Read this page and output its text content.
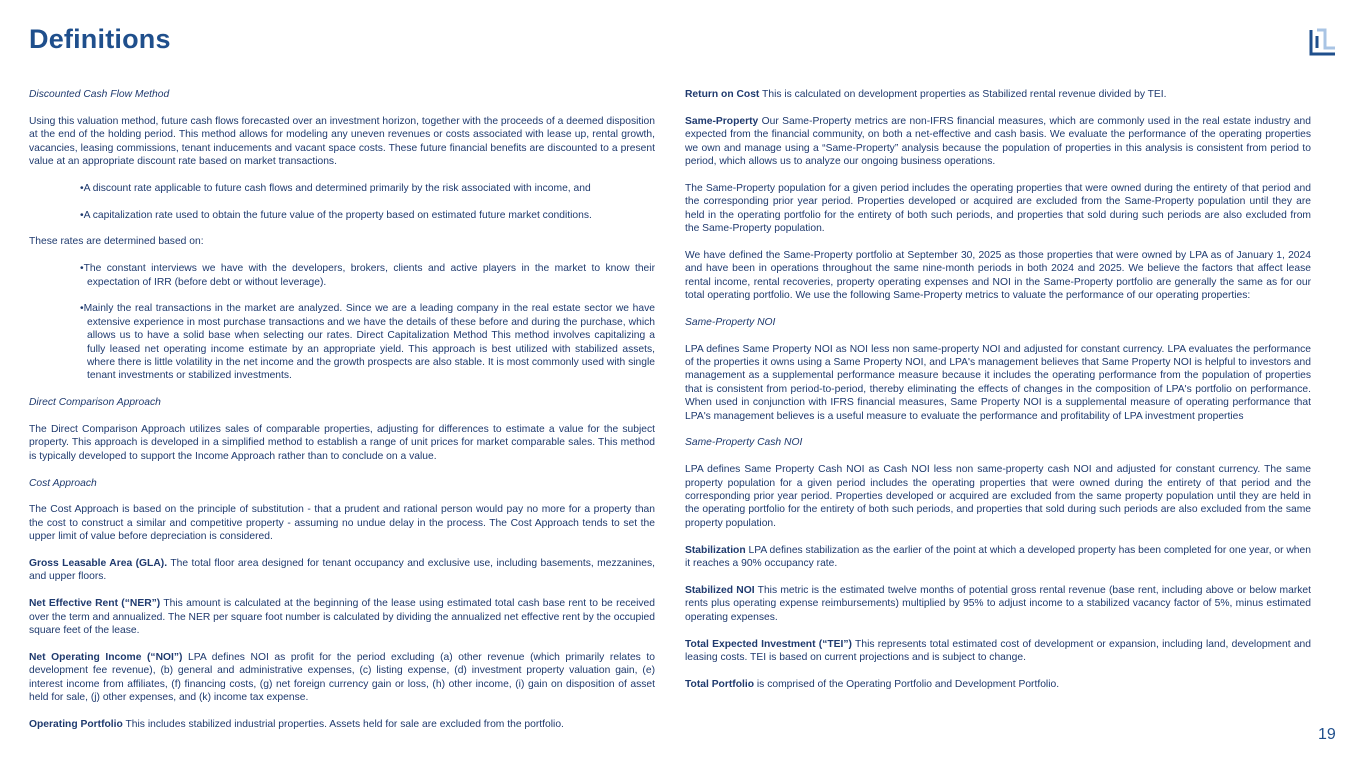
Definitions

Discounted Cash Flow Method

Using this valuation method, future cash flows forecasted over an investment horizon, together with the proceeds of a deemed disposition at the end of the holding period. This method allows for modeling any uneven revenues or costs associated with lease up, rental growth, vacancies, leasing commissions, tenant inducements and vacant space costs. These future financial benefits are discounted to a present value at an appropriate discount rate based on market transactions.

• A discount rate applicable to future cash flows and determined primarily by the risk associated with income, and

• A capitalization rate used to obtain the future value of the property based on estimated future market conditions.

These rates are determined based on:

• The constant interviews we have with the developers, brokers, clients and active players in the market to know their expectation of IRR (before debt or without leverage).

• Mainly the real transactions in the market are analyzed. Since we are a leading company in the real estate sector we have extensive experience in most purchase transactions and we have the details of these before and during the purchase, which allows us to have a solid base when selecting our rates. Direct Capitalization Method This method involves capitalizing a fully leased net operating income estimate by an appropriate yield. This approach is best utilized with stabilized assets, where there is little volatility in the net income and the growth prospects are also stable. It is most commonly used with single tenant investments or stabilized investments.

Direct Comparison Approach

The Direct Comparison Approach utilizes sales of comparable properties, adjusting for differences to estimate a value for the subject property. This approach is developed in a simplified method to establish a range of unit prices for market comparable sales. This method is typically developed to support the Income Approach rather than to conclude on a value.

Cost Approach

The Cost Approach is based on the principle of substitution - that a prudent and rational person would pay no more for a property than the cost to construct a similar and competitive property - assuming no undue delay in the process. The Cost Approach tends to set the upper limit of value before depreciation is considered.

Gross Leasable Area (GLA). The total floor area designed for tenant occupancy and exclusive use, including basements, mezzanines, and upper floors.

Net Effective Rent (“NER”) This amount is calculated at the beginning of the lease using estimated total cash base rent to be received over the term and annualized. The NER per square foot number is calculated by dividing the annualized net effective rent by the occupied square feet of the lease.

Net Operating Income (“NOI”) LPA defines NOI as profit for the period excluding (a) other revenue (which primarily relates to development fee revenue), (b) general and administrative expenses, (c) listing expense, (d) investment property valuation gain, (e) interest income from affiliates, (f) financing costs, (g) net foreign currency gain or loss, (h) other income, (i) gain on disposition of asset held for sale, (j) other expenses, and (k) income tax expense.

Operating Portfolio This includes stabilized industrial properties. Assets held for sale are excluded from the portfolio.

Return on Cost This is calculated on development properties as Stabilized rental revenue divided by TEI.

Same-Property Our Same-Property metrics are non-IFRS financial measures, which are commonly used in the real estate industry and expected from the financial community, on both a net-effective and cash basis. We evaluate the performance of the operating properties we own and manage using a “Same-Property” analysis because the population of properties in this analysis is consistent from period to period, which allows us to analyze our ongoing business operations.

The Same-Property population for a given period includes the operating properties that were owned during the entirety of that period and the corresponding prior year period. Properties developed or acquired are excluded from the Same-Property population until they are held in the operating portfolio for the entirety of both such periods, and properties that sold during such periods are also excluded from the Same-Property population.

We have defined the Same-Property portfolio at September 30, 2025 as those properties that were owned by LPA as of January 1, 2024 and have been in operations throughout the same nine-month periods in both 2024 and 2025. We believe the factors that affect lease rental income, rental recoveries, property operating expenses and NOI in the Same-Property portfolio are generally the same as for our total operating portfolio. We use the following Same-Property metrics to valuate the performance of our operating properties:

Same-Property NOI

LPA defines Same Property NOI as NOI less non same-property NOI and adjusted for constant currency. LPA evaluates the performance of the properties it owns using a Same Property NOI, and LPA's management believes that Same Property NOI is helpful to investors and management as a supplemental performance measure because it includes the operating performance from the population of properties that is consistent from period-to-period, thereby eliminating the effects of changes in the composition of LPA's portfolio on performance. When used in conjunction with IFRS financial measures, Same Property NOI is a supplemental measure of operating performance that LPA's management believes is a useful measure to evaluate the performance and profitability of LPA investment properties

Same-Property Cash NOI

LPA defines Same Property Cash NOI as Cash NOI less non same-property cash NOI and adjusted for constant currency. The same property population for a given period includes the operating properties that were owned during the entirety of that period and the corresponding prior year period. Properties developed or acquired are excluded from the same property population until they are held in the operating portfolio for the entirety of both such periods, and properties that sold during such periods are also excluded from the same property population.

Stabilization LPA defines stabilization as the earlier of the point at which a developed property has been completed for one year, or when it reaches a 90% occupancy rate.

Stabilized NOI This metric is the estimated twelve months of potential gross rental revenue (base rent, including above or below market rents plus operating expense reimbursements) multiplied by 95% to adjust income to a stabilized vacancy factor of 5%, minus estimated operating expenses.

Total Expected Investment (“TEI”) This represents total estimated cost of development or expansion, including land, development and leasing costs. TEI is based on current projections and is subject to change.

Total Portfolio is comprised of the Operating Portfolio and Development Portfolio.

19
